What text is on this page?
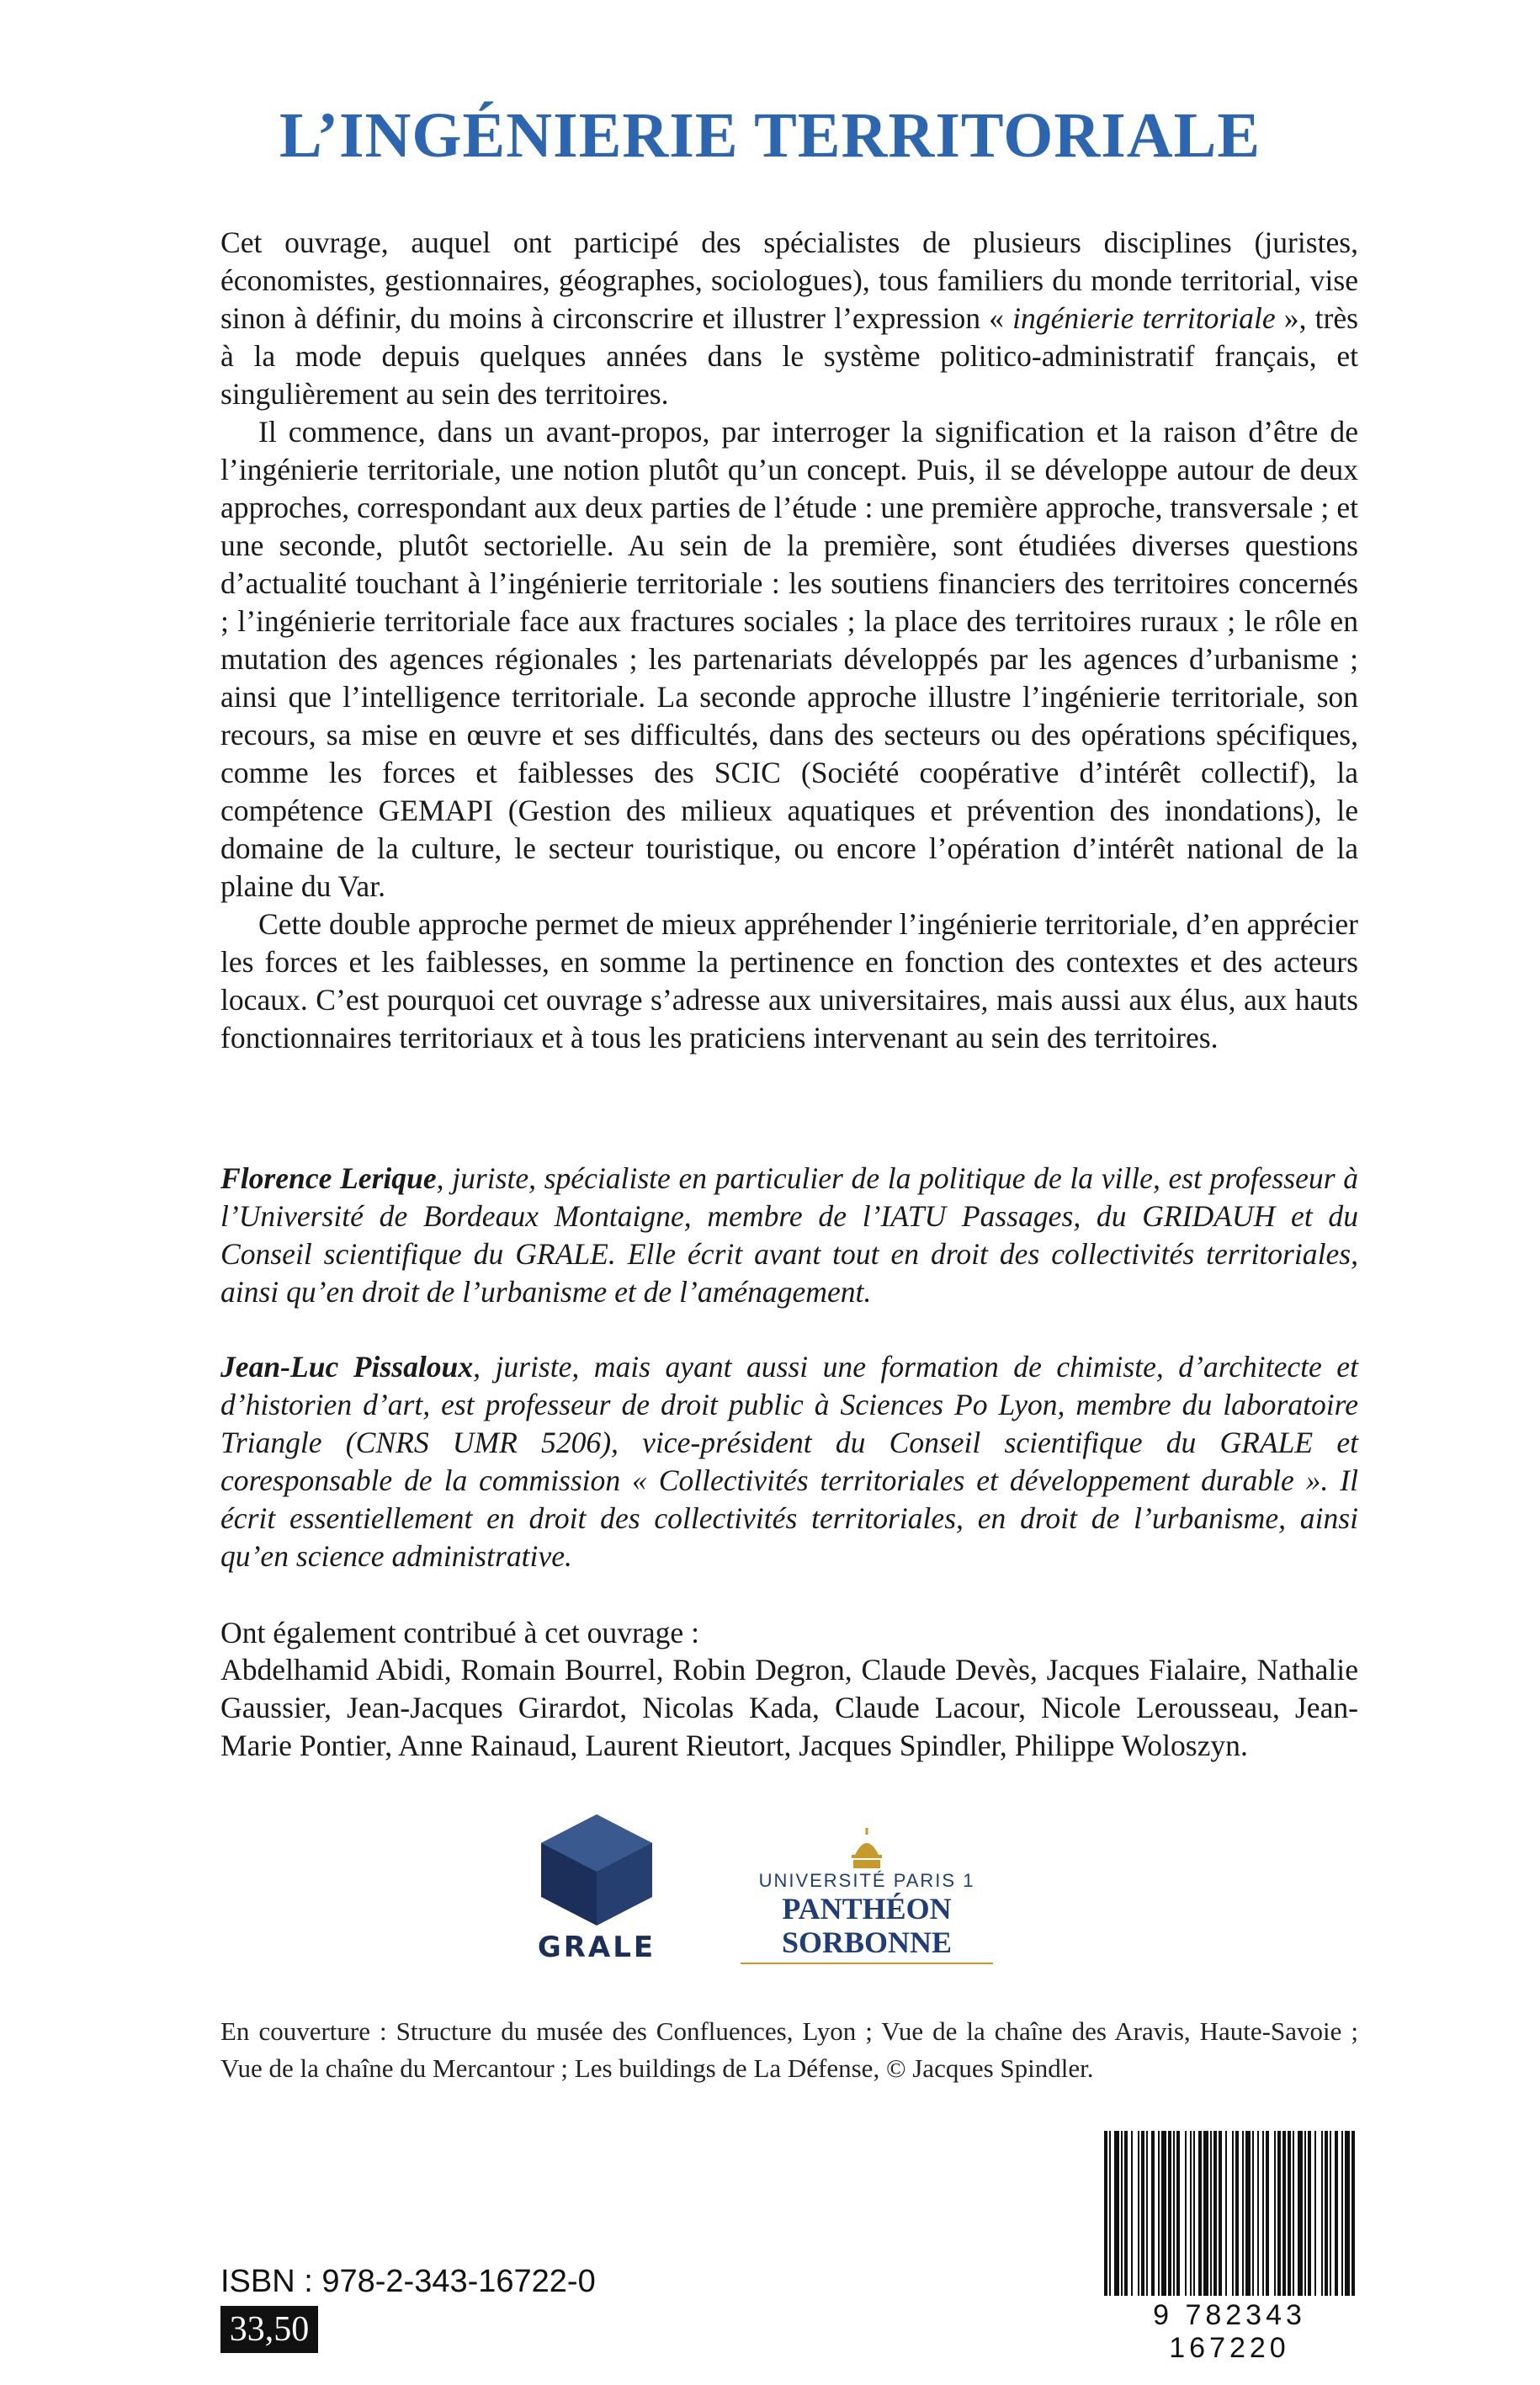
L’INGÉNIERIE TERRITORIALE

Cet ouvrage, auquel ont participé des spécialistes de plusieurs disciplines (juristes, économistes, gestionnaires, géographes, sociologues), tous familiers du monde territorial, vise sinon à définir, du moins à circonscrire et illustrer l’expression « ingénierie territoriale », très à la mode depuis quelques années dans le système politico-administratif français, et singulièrement au sein des territoires.

Il commence, dans un avant-propos, par interroger la signification et la raison d’être de l’ingénierie territoriale, une notion plutôt qu’un concept. Puis, il se développe autour de deux approches, correspondant aux deux parties de l’étude : une première approche, transversale ; et une seconde, plutôt sectorielle. Au sein de la première, sont étudiées diverses questions d’actualité touchant à l’ingénierie territoriale : les soutiens financiers des territoires concernés ; l’ingénierie territoriale face aux fractures sociales ; la place des territoires ruraux ; le rôle en mutation des agences régionales ; les partenariats développés par les agences d’urbanisme ; ainsi que l’intelligence territoriale. La seconde approche illustre l’ingénierie territoriale, son recours, sa mise en œuvre et ses difficultés, dans des secteurs ou des opérations spécifiques, comme les forces et faiblesses des SCIC (Société coopérative d’intérêt collectif), la compétence GEMAPI (Gestion des milieux aquatiques et prévention des inondations), le domaine de la culture, le secteur touristique, ou encore l’opération d’intérêt national de la plaine du Var.

Cette double approche permet de mieux appréhender l’ingénierie territoriale, d’en apprécier les forces et les faiblesses, en somme la pertinence en fonction des contextes et des acteurs locaux. C’est pourquoi cet ouvrage s’adresse aux universitaires, mais aussi aux élus, aux hauts fonctionnaires territoriaux et à tous les praticiens intervenant au sein des territoires.

Florence Lerique, juriste, spécialiste en particulier de la politique de la ville, est professeur à l’Université de Bordeaux Montaigne, membre de l’IATU Passages, du GRIDAUH et du Conseil scientifique du GRALE. Elle écrit avant tout en droit des collectivités territoriales, ainsi qu’en droit de l’urbanisme et de l’aménagement.
Jean-Luc Pissaloux, juriste, mais ayant aussi une formation de chimiste, d’architecte et d’historien d’art, est professeur de droit public à Sciences Po Lyon, membre du laboratoire Triangle (CNRS UMR 5206), vice-président du Conseil scientifique du GRALE et coresponsable de la commission « Collectivités territoriales et développement durable ». Il écrit essentiellement en droit des collectivités territoriales, en droit de l’urbanisme, ainsi qu’en science administrative.
Ont également contribué à cet ouvrage :
Abdelhamid Abidi, Romain Bourrel, Robin Degron, Claude Devès, Jacques Fialaire, Nathalie Gaussier, Jean-Jacques Girardot, Nicolas Kada, Claude Lacour, Nicole Lerousseau, Jean-Marie Pontier, Anne Rainaud, Laurent Rieutort, Jacques Spindler, Philippe Woloszyn.
GRALE
UNIVERSITÉ PARIS 1
PANTHÉON SORBONNE
En couverture : Structure du musée des Confluences, Lyon ; Vue de la chaîne des Aravis, Haute-Savoie ; Vue de la chaîne du Mercantour ; Les buildings de La Défense, © Jacques Spindler.
ISBN : 978-2-343-16722-0
33,50	9 782343 167220
